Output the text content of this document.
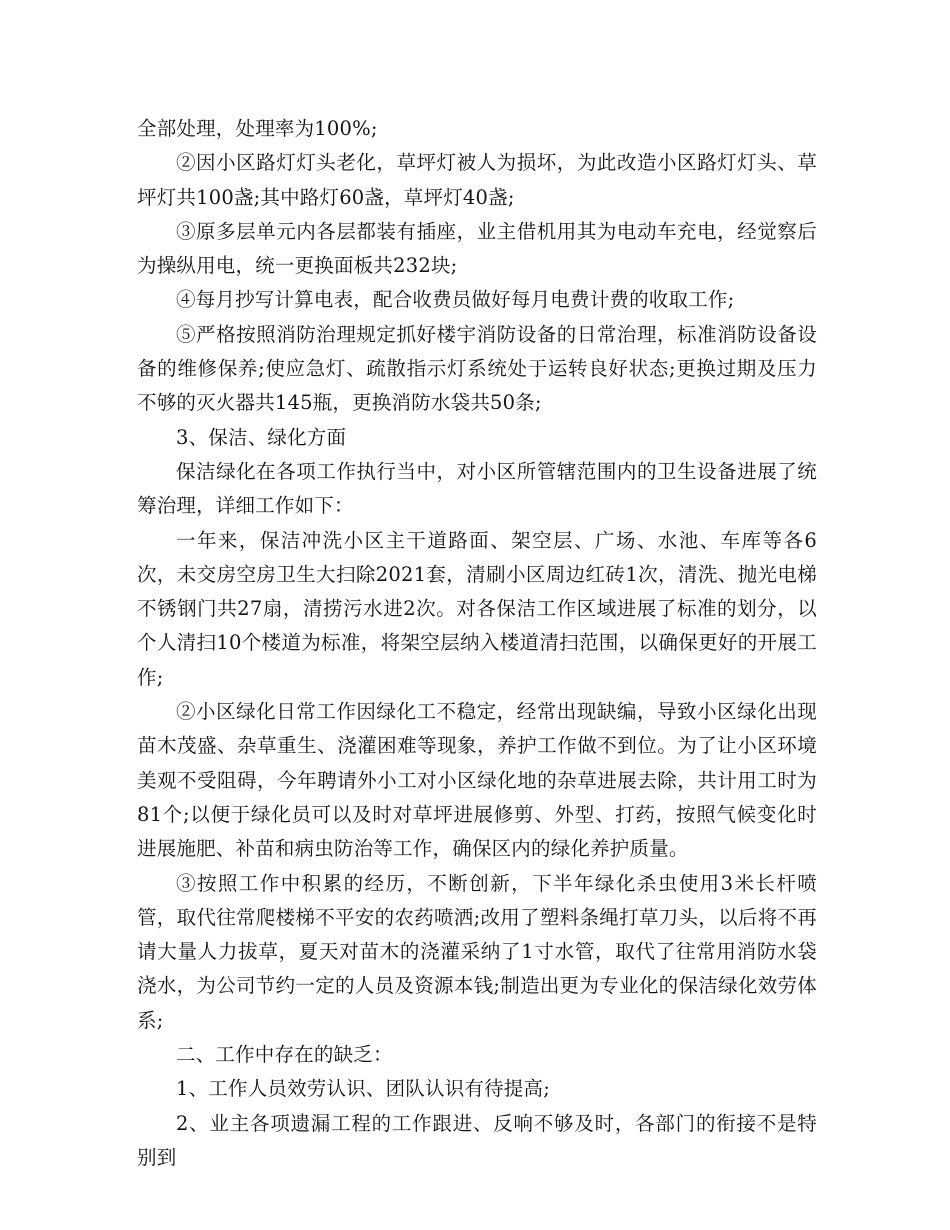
全部处理，处理率为100%;

②因小区路灯灯头老化，草坪灯被人为损坏，为此改造小区路灯灯头、草坪灯共100盏;其中路灯60盏，草坪灯40盏;

③原多层单元内各层都装有插座，业主借机用其为电动车充电，经觉察后为操纵用电，统一更换面板共232块;

④每月抄写计算电表，配合收费员做好每月电费计费的收取工作;

⑤严格按照消防治理规定抓好楼宇消防设备的日常治理，标准消防设备设备的维修保养;使应急灯、疏散指示灯系统处于运转良好状态;更换过期及压力不够的灭火器共145瓶，更换消防水袋共50条;

3、保洁、绿化方面

保洁绿化在各项工作执行当中，对小区所管辖范围内的卫生设备进展了统筹治理，详细工作如下：

一年来，保洁冲洗小区主干道路面、架空层、广场、水池、车库等各6次，未交房空房卫生大扫除2021套，清刷小区周边红砖1次，清洗、抛光电梯不锈钢门共27扇，清捞污水进2次。对各保洁工作区域进展了标准的划分，以个人清扫10个楼道为标准，将架空层纳入楼道清扫范围，以确保更好的开展工作;

②小区绿化日常工作因绿化工不稳定，经常出现缺编，导致小区绿化出现苗木茂盛、杂草重生、浇灌困难等现象，养护工作做不到位。为了让小区环境美观不受阻碍，今年聘请外小工对小区绿化地的杂草进展去除，共计用工时为81个;以便于绿化员可以及时对草坪进展修剪、外型、打药，按照气候变化时进展施肥、补苗和病虫防治等工作，确保区内的绿化养护质量。

③按照工作中积累的经历，不断创新，下半年绿化杀虫使用3米长杆喷管，取代往常爬楼梯不平安的农药喷洒;改用了塑料条绳打草刀头，以后将不再请大量人力拔草，夏天对苗木的浇灌采纳了1寸水管，取代了往常用消防水袋浇水，为公司节约一定的人员及资源本钱;制造出更为专业化的保洁绿化效劳体系;

二、工作中存在的缺乏：

1、工作人员效劳认识、团队认识有待提高;

2、业主各项遗漏工程的工作跟进、反响不够及时，各部门的衔接不是特别到
